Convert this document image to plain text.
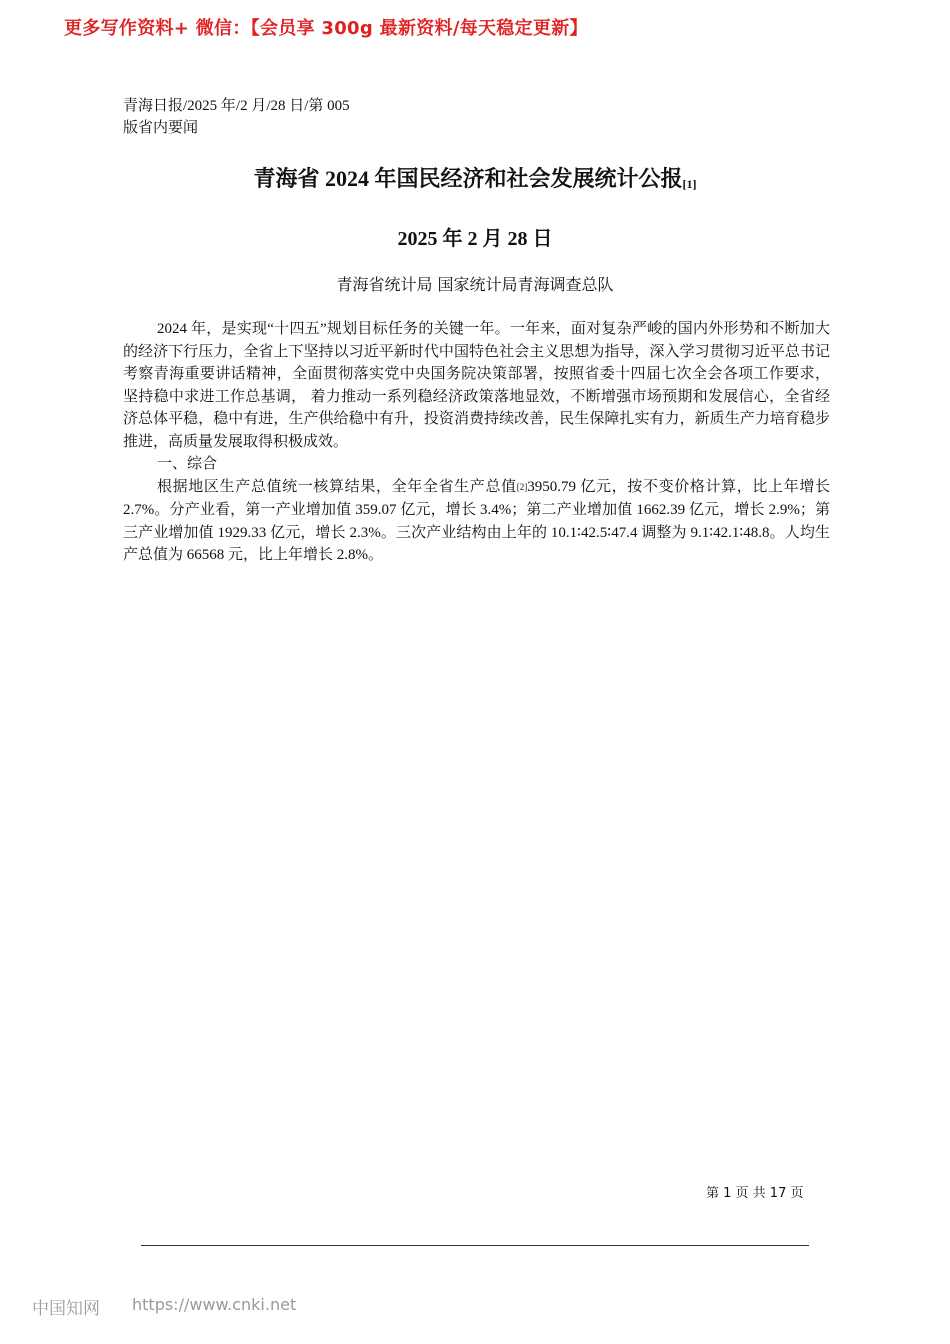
更多写作资料+ 微信：【会员享 300g 最新资料/每天稳定更新】
青海日报/2025 年/2 月/28 日/第 005
版省内要闻
青海省 2024 年国民经济和社会发展统计公报[1]
2025 年 2 月 28 日
青海省统计局 国家统计局青海调查总队

2024 年，是实现“十四五”规划目标任务的关键一年。一年来，面对复杂严峻的国内外形势和不断加大的经济下行压力，全省上下坚持以习近平新时代中国特色社会主义思想为指导，深入学习贯彻习近平总书记考察青海重要讲话精神，全面贯彻落实党中央国务院决策部署，按照省委十四届七次全会各项工作要求， 坚持稳中求进工作总基调， 着力推动一系列稳经济政策落地显效，不断增强市场预期和发展信心，全省经济总体平稳，稳中有进，生产供给稳中有升，投资消费持续改善，民生保障扎实有力，新质生产力培育稳步推进，高质量发展取得积极成效。

一、综合

根据地区生产总值统一核算结果，全年全省生产总值[2]3950.79 亿元，按不变价格计算，比上年增长 2.7%。分产业看，第一产业增加值 359.07 亿元，增长 3.4%；第二产业增加值 1662.39 亿元，增长 2.9%；第三产业增加值 1929.33 亿元，增长 2.3%。三次产业结构由上年的 10.1∶42.5∶47.4 调整为 9.1∶42.1∶48.8。人均生产总值为 66568 元，比上年增长 2.8%。

第 1 页 共 17 页
中国知网 https://www.cnki.net
